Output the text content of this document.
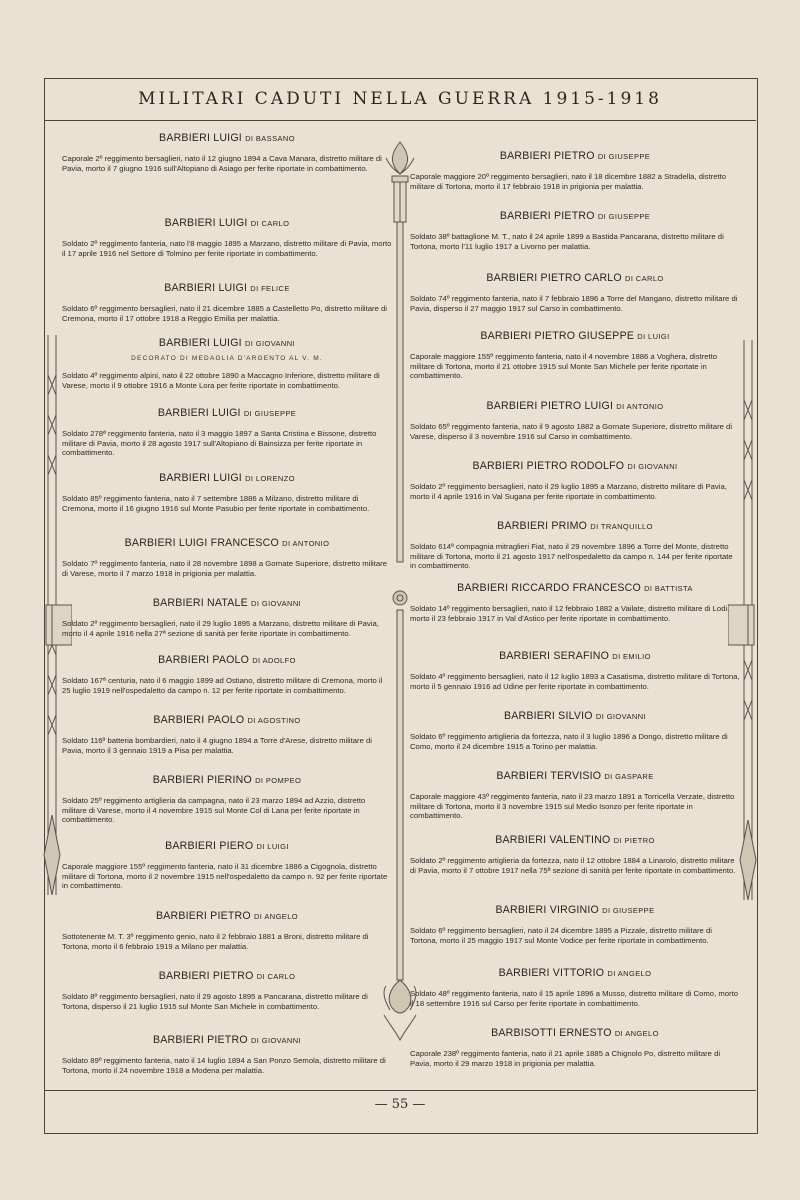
MILITARI CADUTI NELLA GUERRA 1915-1918
BARBIERI LUIGI DI BASSANO
Caporale 2º reggimento bersaglieri, nato il 12 giugno 1894 a Cava Manara, distretto militare di Pavia, morto il 7 giugno 1916 sull'Altopiano di Asiago per ferite riportate in combattimento.
BARBIERI LUIGI DI CARLO
Soldato 2º reggimento fanteria, nato l'8 maggio 1895 a Marzano, distretto militare di Pavia, morto il 17 aprile 1916 nel Settore di Tolmino per ferite riportate in combattimento.
BARBIERI LUIGI DI FELICE
Soldato 6º reggimento bersaglieri, nato il 21 dicembre 1885 a Castelletto Po, distretto militare di Cremona, morto il 17 ottobre 1918 a Reggio Emilia per malattia.
BARBIERI LUIGI DI GIOVANNI
DECORATO DI MEDAGLIA D'ARGENTO AL V. M.
Soldato 4º reggimento alpini, nato il 22 ottobre 1890 a Maccagno Inferiore, distretto militare di Varese, morto il 9 ottobre 1916 a Monte Lora per ferite riportate in combattimento.
BARBIERI LUIGI DI GIUSEPPE
Soldato 278ª reggimento fanteria, nato il 3 maggio 1897 a Santa Cristina e Bissone, distretto militare di Pavia, morto il 28 agosto 1917 sull'Altopiano di Bainsizza per ferite riportate in combattimento.
BARBIERI LUIGI DI LORENZO
Soldato 85º reggimento fanteria, nato il 7 settembre 1886 a Milzano, distretto militare di Cremona, morto il 16 giugno 1916 sul Monte Pasubio per ferite riportate in combattimento.
BARBIERI LUIGI FRANCESCO DI ANTONIO
Soldato 7º reggimento fanteria, nato il 28 novembre 1898 a Gornate Superiore, distretto militare di Varese, morto il 7 marzo 1918 in prigionia per malattia.
BARBIERI NATALE DI GIOVANNI
Soldato 2º reggimento bersaglieri, nato il 29 luglio 1895 a Marzano, distretto militare di Pavia, morto il 4 aprile 1916 nella 27ª sezione di sanità per ferite riportate in combattimento.
BARBIERI PAOLO DI ADOLFO
Soldato 167ª centuria, nato il 6 maggio 1899 ad Ostiano, distretto militare di Cremona, morto il 25 luglio 1919 nell'ospedaletto da campo n. 12 per ferite riportate in combattimento.
BARBIERI PAOLO DI AGOSTINO
Soldato 116ª batteria bombardieri, nato il 4 giugno 1894 a Torre d'Arese, distretto militare di Pavia, morto il 3 gennaio 1919 a Pisa per malattia.
BARBIERI PIERINO DI POMPEO
Soldato 25º reggimento artiglieria da campagna, nato il 23 marzo 1894 ad Azzio, distretto militare di Varese, morto il 4 novembre 1915 sul Monte Col di Lana per ferite riportate in combattimento.
BARBIERI PIERO DI LUIGI
Caporale maggiore 155º reggimento fanteria, nato il 31 dicembre 1886 a Cigognola, distretto militare di Tortona, morto il 2 novembre 1915 nell'ospedaletto da campo n. 92 per ferite riportate in combattimento.
BARBIERI PIETRO DI ANGELO
Sottotenente M. T. 3º reggimento genio, nato il 2 febbraio 1881 a Broni, distretto militare di Tortona, morto il 6 febbraio 1919 a Milano per malattia.
BARBIERI PIETRO DI CARLO
Soldato 8º reggimento bersaglieri, nato il 29 agosto 1895 a Pancarana, distretto militare di Tortona, disperso il 21 luglio 1915 sul Monte San Michele in combattimento.
BARBIERI PIETRO DI GIOVANNI
Soldato 89º reggimento fanteria, nato il 14 luglio 1894 a San Ponzo Semola, distretto militare di Tortona, morto il 24 novembre 1918 a Modena per malattia.
BARBIERI PIETRO DI GIUSEPPE
Caporale maggiore 20º reggimento bersaglieri, nato il 18 dicembre 1882 a Stradella, distretto militare di Tortona, morto il 17 febbraio 1918 in prigionia per malattia.
BARBIERI PIETRO DI GIUSEPPE
Soldato 38º battaglione M. T., nato il 24 aprile 1899 a Bastida Pancarana, distretto militare di Tortona, morto l'11 luglio 1917 a Livorno per malattia.
BARBIERI PIETRO CARLO DI CARLO
Soldato 74º reggimento fanteria, nato il 7 febbraio 1896 a Torre del Mangano, distretto militare di Pavia, disperso il 27 maggio 1917 sul Carso in combattimento.
BARBIERI PIETRO GIUSEPPE DI LUIGI
Caporale maggiore 155º reggimento fanteria, nato il 4 novembre 1886 a Voghera, distretto militare di Tortona, morto il 21 ottobre 1915 sul Monte San Michele per ferite riportate in combattimento.
BARBIERI PIETRO LUIGI DI ANTONIO
Soldato 65º reggimento fanteria, nato il 9 agosto 1882 a Gornate Superiore, distretto militare di Varese, disperso il 3 novembre 1916 sul Carso in combattimento.
BARBIERI PIETRO RODOLFO DI GIOVANNI
Soldato 2º reggimento bersaglieri, nato il 29 luglio 1895 a Marzano, distretto militare di Pavia, morto il 4 aprile 1916 in Val Sugana per ferite riportate in combattimento.
BARBIERI PRIMO DI TRANQUILLO
Soldato 614ª compagnia mitraglieri Fiat, nato il 29 novembre 1896 a Torre del Monte, distretto militare di Tortona, morto il 21 agosto 1917 nell'ospedaletto da campo n. 144 per ferite riportate in combattimento.
BARBIERI RICCARDO FRANCESCO DI BATTISTA
Soldato 14º reggimento bersaglieri, nato il 12 febbraio 1882 a Vailate, distretto militare di Lodi, morto il 23 febbraio 1917 in Val d'Astico per ferite riportate in combattimento.
BARBIERI SERAFINO DI EMILIO
Soldato 4º reggimento bersaglieri, nato il 12 luglio 1893 a Casatisma, distretto militare di Tortona, morto il 5 gennaio 1916 ad Udine per ferite riportate in combattimento.
BARBIERI SILVIO DI GIOVANNI
Soldato 6º reggimento artiglieria da fortezza, nato il 3 luglio 1896 a Dongo, distretto militare di Como, morto il 24 dicembre 1915 a Torino per malattia.
BARBIERI TERVISIO DI GASPARE
Caporale maggiore 43º reggimento fanteria, nato il 23 marzo 1891 a Torricella Verzate, distretto militare di Tortona, morto il 3 novembre 1915 sul Medio Isonzo per ferite riportate in combattimento.
BARBIERI VALENTINO DI PIETRO
Soldato 2º reggimento artiglieria da fortezza, nato il 12 ottobre 1884 a Linarolo, distretto militare di Pavia, morto il 7 ottobre 1917 nella 75ª sezione di sanità per ferite riportate in combattimento.
BARBIERI VIRGINIO DI GIUSEPPE
Soldato 6º reggimento bersaglieri, nato il 24 dicembre 1895 a Pizzale, distretto militare di Tortona, morto il 25 maggio 1917 sul Monte Vodice per ferite riportate in combattimento.
BARBIERI VITTORIO DI ANGELO
Soldato 48º reggimento fanteria, nato il 15 aprile 1896 a Musso, distretto militare di Como, morto il 18 settembre 1916 sul Carso per ferite riportate in combattimento.
BARBISOTTI ERNESTO DI ANGELO
Caporale 238º reggimento fanteria, nato il 21 aprile 1885 a Chignolo Po, distretto militare di Pavia, morto il 29 marzo 1918 in prigionia per malattia.
— 55 —
